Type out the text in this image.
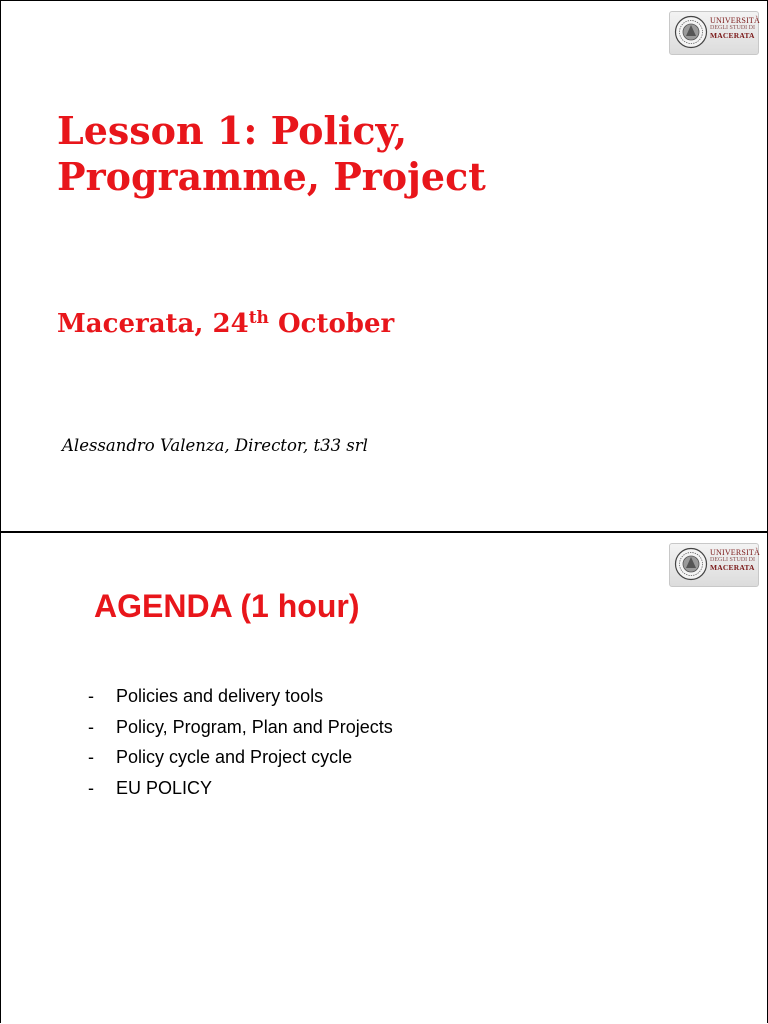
UNIVERSITÀ
DEGLI STUDI DI
MACERATA
Lesson 1: Policy,
Programme, Project
Macerata, 24th October
Alessandro Valenza, Director, t33 srl
UNIVERSITÀ
DEGLI STUDI DI
MACERATA
AGENDA (1 hour)
- Policies and delivery tools
- Policy, Program, Plan and Projects
- Policy cycle and Project cycle
- EU POLICY
